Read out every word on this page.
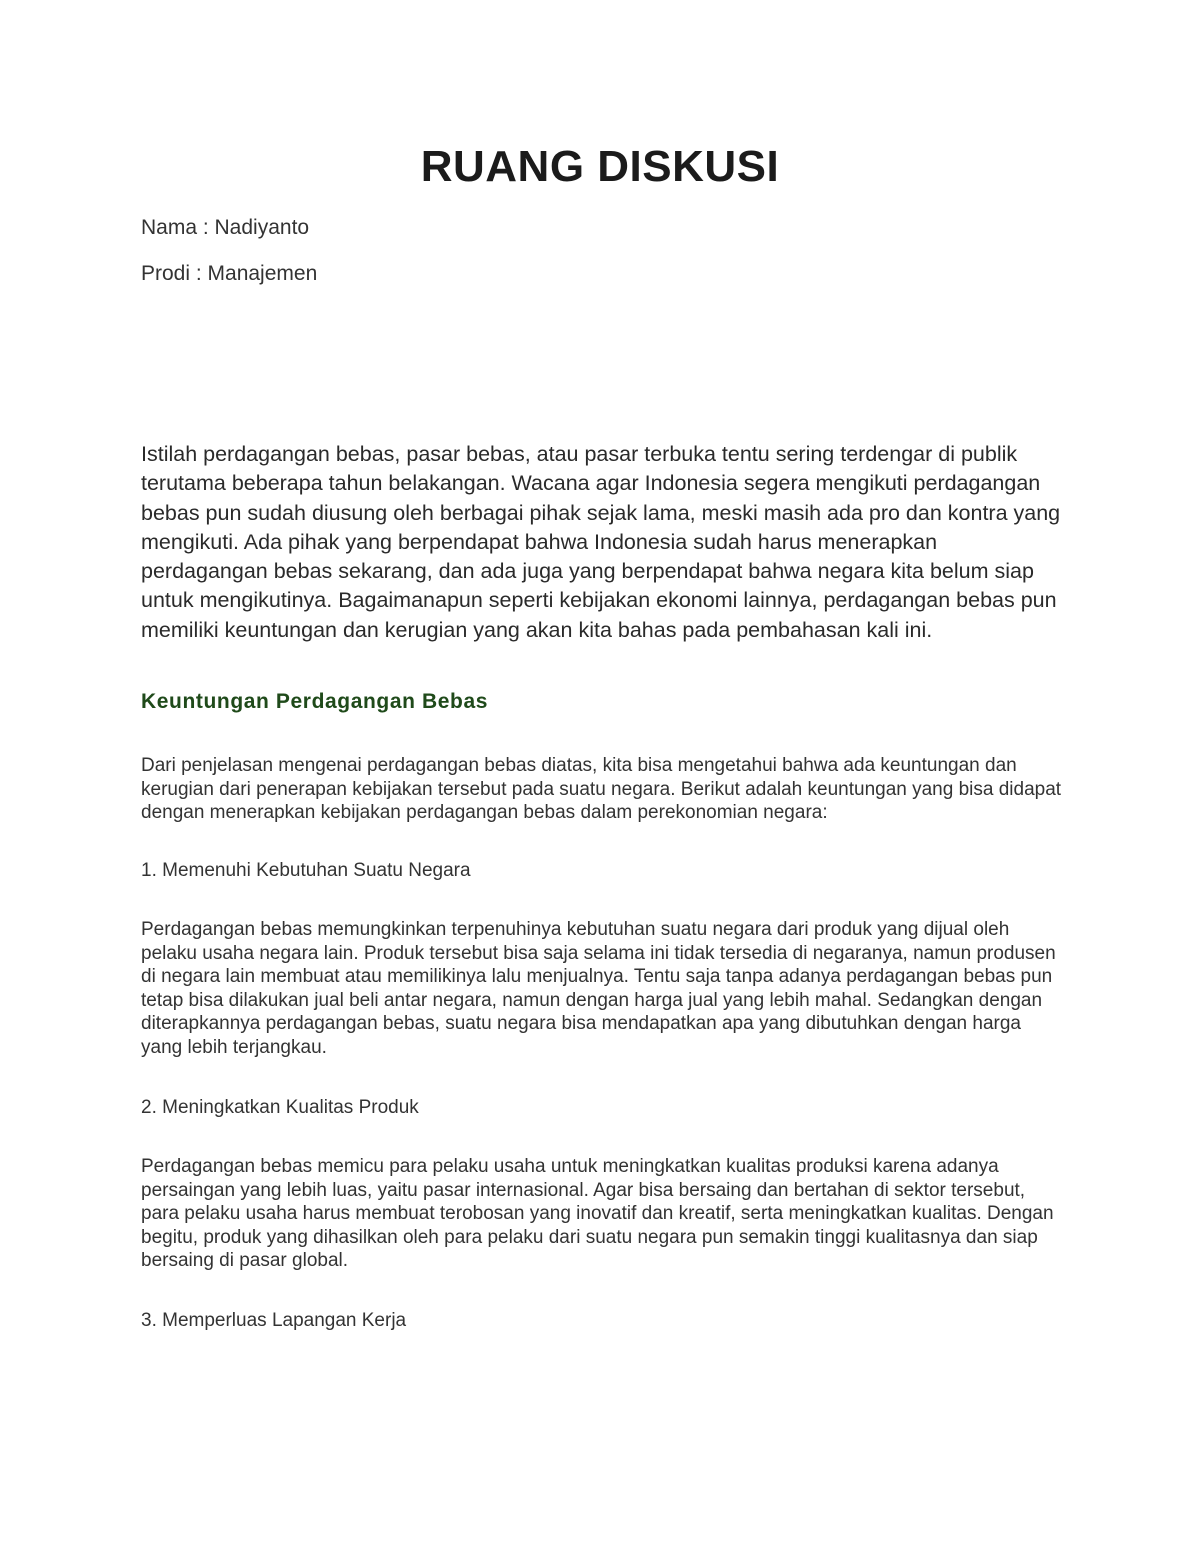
RUANG DISKUSI

Nama : Nadiyanto

Prodi : Manajemen

Istilah perdagangan bebas, pasar bebas, atau pasar terbuka tentu sering terdengar di publik terutama beberapa tahun belakangan. Wacana agar Indonesia segera mengikuti perdagangan bebas pun sudah diusung oleh berbagai pihak sejak lama, meski masih ada pro dan kontra yang mengikuti. Ada pihak yang berpendapat bahwa Indonesia sudah harus menerapkan perdagangan bebas sekarang, dan ada juga yang berpendapat bahwa negara kita belum siap untuk mengikutinya. Bagaimanapun seperti kebijakan ekonomi lainnya, perdagangan bebas pun memiliki keuntungan dan kerugian yang akan kita bahas pada pembahasan kali ini.

Keuntungan Perdagangan Bebas

Dari penjelasan mengenai perdagangan bebas diatas, kita bisa mengetahui bahwa ada keuntungan dan kerugian dari penerapan kebijakan tersebut pada suatu negara. Berikut adalah keuntungan yang bisa didapat dengan menerapkan kebijakan perdagangan bebas dalam perekonomian negara:

1. Memenuhi Kebutuhan Suatu Negara

Perdagangan bebas memungkinkan terpenuhinya kebutuhan suatu negara dari produk yang dijual oleh pelaku usaha negara lain. Produk tersebut bisa saja selama ini tidak tersedia di negaranya, namun produsen di negara lain membuat atau memilikinya lalu menjualnya. Tentu saja tanpa adanya perdagangan bebas pun tetap bisa dilakukan jual beli antar negara, namun dengan harga jual yang lebih mahal. Sedangkan dengan diterapkannya perdagangan bebas, suatu negara bisa mendapatkan apa yang dibutuhkan dengan harga yang lebih terjangkau.

2. Meningkatkan Kualitas Produk

Perdagangan bebas memicu para pelaku usaha untuk meningkatkan kualitas produksi karena adanya persaingan yang lebih luas, yaitu pasar internasional. Agar bisa bersaing dan bertahan di sektor tersebut, para pelaku usaha harus membuat terobosan yang inovatif dan kreatif, serta meningkatkan kualitas. Dengan begitu, produk yang dihasilkan oleh para pelaku dari suatu negara pun semakin tinggi kualitasnya dan siap bersaing di pasar global.

3. Memperluas Lapangan Kerja
